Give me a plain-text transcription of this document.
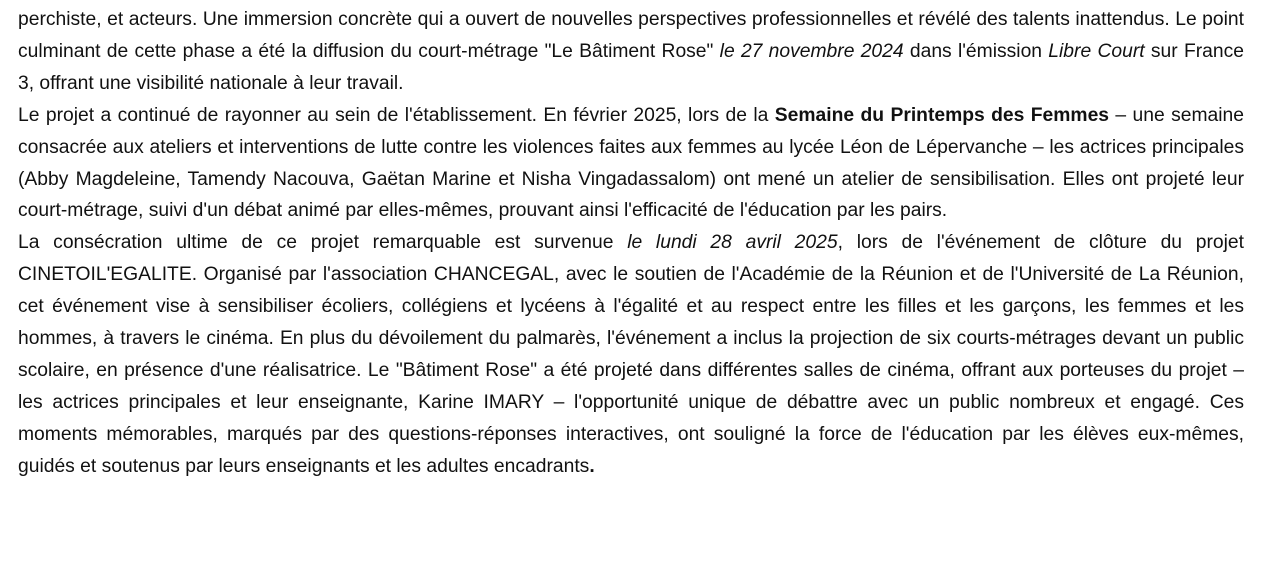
perchiste, et acteurs. Une immersion concrète qui a ouvert de nouvelles perspectives professionnelles et révélé des talents inattendus. Le point culminant de cette phase a été la diffusion du court-métrage "Le Bâtiment Rose" le 27 novembre 2024 dans l'émission Libre Court sur France 3, offrant une visibilité nationale à leur travail.

Le projet a continué de rayonner au sein de l'établissement. En février 2025, lors de la Semaine du Printemps des Femmes – une semaine consacrée aux ateliers et interventions de lutte contre les violences faites aux femmes au lycée Léon de Lépervanche – les actrices principales (Abby Magdeleine, Tamendy Nacouva, Gaëtan Marine et Nisha Vingadassalom) ont mené un atelier de sensibilisation. Elles ont projeté leur court-métrage, suivi d'un débat animé par elles-mêmes, prouvant ainsi l'efficacité de l'éducation par les pairs.

La consécration ultime de ce projet remarquable est survenue le lundi 28 avril 2025, lors de l'événement de clôture du projet CINETOIL'EGALITE. Organisé par l'association CHANCEGAL, avec le soutien de l'Académie de la Réunion et de l'Université de La Réunion, cet événement vise à sensibiliser écoliers, collégiens et lycéens à l'égalité et au respect entre les filles et les garçons, les femmes et les hommes, à travers le cinéma. En plus du dévoilement du palmarès, l'événement a inclus la projection de six courts-métrages devant un public scolaire, en présence d'une réalisatrice. Le "Bâtiment Rose" a été projeté dans différentes salles de cinéma, offrant aux porteuses du projet – les actrices principales et leur enseignante, Karine IMARY – l'opportunité unique de débattre avec un public nombreux et engagé. Ces moments mémorables, marqués par des questions-réponses interactives, ont souligné la force de l'éducation par les élèves eux-mêmes, guidés et soutenus par leurs enseignants et les adultes encadrants.
